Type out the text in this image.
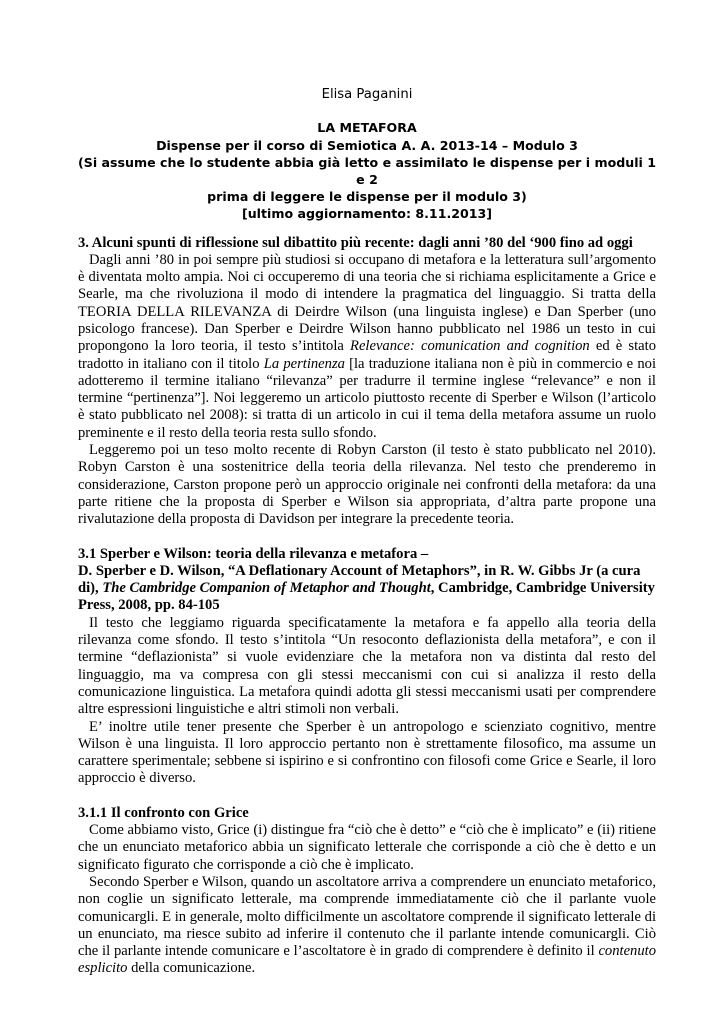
Elisa Paganini
LA METAFORA
Dispense per il corso di Semiotica A. A. 2013-14 – Modulo 3
(Si assume che lo studente abbia già letto e assimilato le dispense per i moduli 1 e 2
prima di leggere le dispense per il modulo 3)
[ultimo aggiornamento: 8.11.2013]
3. Alcuni spunti di riflessione sul dibattito più recente: dagli anni ’80 del ‘900 fino ad oggi

Dagli anni ’80 in poi sempre più studiosi si occupano di metafora e la letteratura sull’argomento è diventata molto ampia. Noi ci occuperemo di una teoria che si richiama esplicitamente a Grice e Searle, ma che rivoluziona il modo di intendere la pragmatica del linguaggio. Si tratta della TEORIA DELLA RILEVANZA di Deirdre Wilson (una linguista inglese) e Dan Sperber (uno psicologo francese). Dan Sperber e Deirdre Wilson hanno pubblicato nel 1986 un testo in cui propongono la loro teoria, il testo s’intitola Relevance: comunication and cognition ed è stato tradotto in italiano con il titolo La pertinenza [la traduzione italiana non è più in commercio e noi adotteremo il termine italiano “rilevanza” per tradurre il termine inglese “relevance” e non il termine “pertinenza”]. Noi leggeremo un articolo piuttosto recente di Sperber e Wilson (l’articolo è stato pubblicato nel 2008): si tratta di un articolo in cui il tema della metafora assume un ruolo preminente e il resto della teoria resta sullo sfondo.

Leggeremo poi un teso molto recente di Robyn Carston (il testo è stato pubblicato nel 2010). Robyn Carston è una sostenitrice della teoria della rilevanza. Nel testo che prenderemo in considerazione, Carston propone però un approccio originale nei confronti della metafora: da una parte ritiene che la proposta di Sperber e Wilson sia appropriata, d’altra parte propone una rivalutazione della proposta di Davidson per integrare la precedente teoria.

3.1 Sperber e Wilson: teoria della rilevanza e metafora –
D. Sperber e D. Wilson, “A Deflationary Account of Metaphors”, in R. W. Gibbs Jr (a cura di), The Cambridge Companion of Metaphor and Thought, Cambridge, Cambridge University Press, 2008, pp. 84-105

Il testo che leggiamo riguarda specificatamente la metafora e fa appello alla teoria della rilevanza come sfondo. Il testo s’intitola “Un resoconto deflazionista della metafora”, e con il termine “deflazionista” si vuole evidenziare che la metafora non va distinta dal resto del linguaggio, ma va compresa con gli stessi meccanismi con cui si analizza il resto della comunicazione linguistica. La metafora quindi adotta gli stessi meccanismi usati per comprendere altre espressioni linguistiche e altri stimoli non verbali.

E’ inoltre utile tener presente che Sperber è un antropologo e scienziato cognitivo, mentre Wilson è una linguista. Il loro approccio pertanto non è strettamente filosofico, ma assume un carattere sperimentale; sebbene si ispirino e si confrontino con filosofi come Grice e Searle, il loro approccio è diverso.

3.1.1 Il confronto con Grice

Come abbiamo visto, Grice (i) distingue fra “ciò che è detto” e “ciò che è implicato” e (ii) ritiene che un enunciato metaforico abbia un significato letterale che corrisponde a ciò che è detto e un significato figurato che corrisponde a ciò che è implicato.

Secondo Sperber e Wilson, quando un ascoltatore arriva a comprendere un enunciato metaforico, non coglie un significato letterale, ma comprende immediatamente ciò che il parlante vuole comunicargli. E in generale, molto difficilmente un ascoltatore comprende il significato letterale di un enunciato, ma riesce subito ad inferire il contenuto che il parlante intende comunicargli. Ciò che il parlante intende comunicare e l’ascoltatore è in grado di comprendere è definito il contenuto esplicito della comunicazione.
